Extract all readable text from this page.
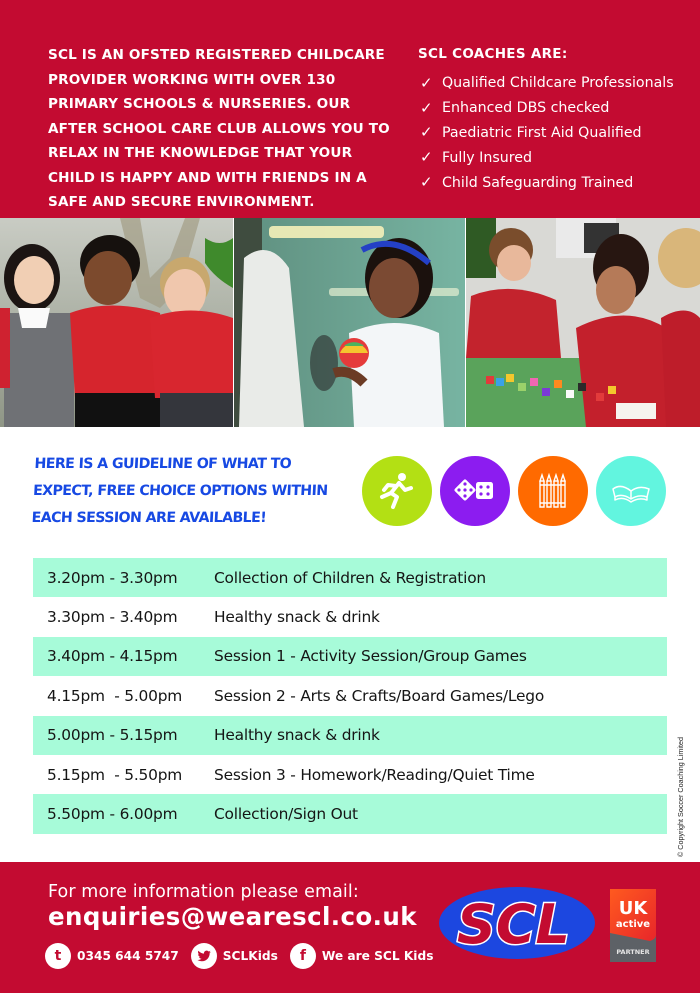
SCL IS AN OFSTED REGISTERED CHILDCARE PROVIDER WORKING WITH OVER 130 PRIMARY SCHOOLS & NURSERIES. OUR AFTER SCHOOL CARE CLUB ALLOWS YOU TO RELAX IN THE KNOWLEDGE THAT YOUR CHILD IS HAPPY AND WITH FRIENDS IN A SAFE AND SECURE ENVIRONMENT.

SCL COACHES ARE:
✓ Qualified Childcare Professionals
✓ Enhanced DBS checked
✓ Paediatric First Aid Qualified
✓ Fully Insured
✓ Child Safeguarding Trained

HERE IS A GUIDELINE OF WHAT TO EXPECT, FREE CHOICE OPTIONS WITHIN EACH SESSION ARE AVAILABLE!

3.20pm - 3.30pm	Collection of Children & Registration
3.30pm - 3.40pm	Healthy snack & drink
3.40pm - 4.15pm	Session 1 - Activity Session/Group Games
4.15pm  - 5.00pm	Session 2 - Arts & Crafts/Board Games/Lego
5.00pm - 5.15pm	Healthy snack & drink
5.15pm  - 5.50pm	Session 3 - Homework/Reading/Quiet Time
5.50pm - 6.00pm	Collection/Sign Out	© Copyright Soccer Coaching Limited
For more information please email:
enquiries@wearescl.co.uk
t	0345 644 5747	SCLKids	f	We are SCL Kids SCL	UK
active
PARTNER
